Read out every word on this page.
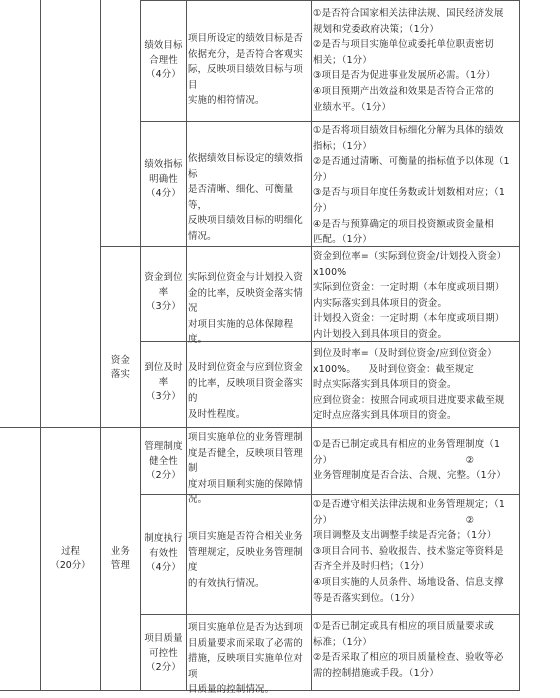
过程
（20分）
资金
落实
业务
管理
绩效目标
合理性
（4分）
项目所设定的绩效目标是否
依据充分，是否符合客观实
际，反映项目绩效目标与项目
实施的相符情况。
①是否符合国家相关法律法规、国民经济发展
规划和党委政府决策；（1分）
②是否与项目实施单位或委托单位职责密切
相关；（1分）
③项目是否为促进事业发展所必需。（1分）
④项目预期产出效益和效果是否符合正常的
业绩水平。（1分）
绩效指标
明确性
（4分）
依据绩效目标设定的绩效指标
是否清晰、细化、可衡量等，
反映项目绩效目标的明细化
情况。
①是否将项目绩效目标细化分解为具体的绩效
指标；（1分）
②是否通过清晰、可衡量的指标值予以体现（1
分）
③是否与项目年度任务数或计划数相对应；（1
分）
④是否与预算确定的项目投资额或资金量相
匹配。（1分）
资金到位率
（3分）
实际到位资金与计划投入资
金的比率，反映资金落实情况
对项目实施的总体保障程度。
资金到位率=（实际到位资金/计划投入资金）
x100%
实际到位资金：一定时期（本年度或项目期）
内实际落实到具体项目的资金。
计划投入资金：一定时期（本年度或项目期）
内计划投入到具体项目的资金。
到位及时率
（3分）
及时到位资金与应到位资金
的比率，反映项目资金落实的
及时性程度。
到位及时率=（及时到位资金/应到位资金）
x100%。    及时到位资金：截至规定
时点实际落实到具体项目的资金。
应到位资金：按照合同或项目进度要求截至规
定时点应落实到具体项目的资金。
管理制度
健全性
（2分）
项目实施单位的业务管理制
度是否健全，反映项目管理制
度对项目顺利实施的保障情
况。
①是否已制定或具有相应的业务管理制度（1
分）                                          ②
业务管理制度是否合法、合规、完整。（1分）
制度执行
有效性
（4分）
项目实施是否符合相关业务
管理规定，反映业务管理制度
的有效执行情况。
①是否遵守相关法律法规和业务管理规定；（1
分）                                          ②
项目调整及支出调整手续是否完备；（1分）
③项目合同书、验收报告、技术鉴定等资料是
否齐全并及时归档；（1分）
④项目实施的人员条件、场地设备、信息支撑
等是否落实到位。（1分）
项目质量
可控性
（2分）
项目实施单位是否为达到项
目质量要求而采取了必需的
措施，反映项目实施单位对项
目质量的控制情况。
①是否已制定或具有相应的项目质量要求或
标准；（1分）
②是否采取了相应的项目质量检查、验收等必
需的控制措施或手段。（1分）
